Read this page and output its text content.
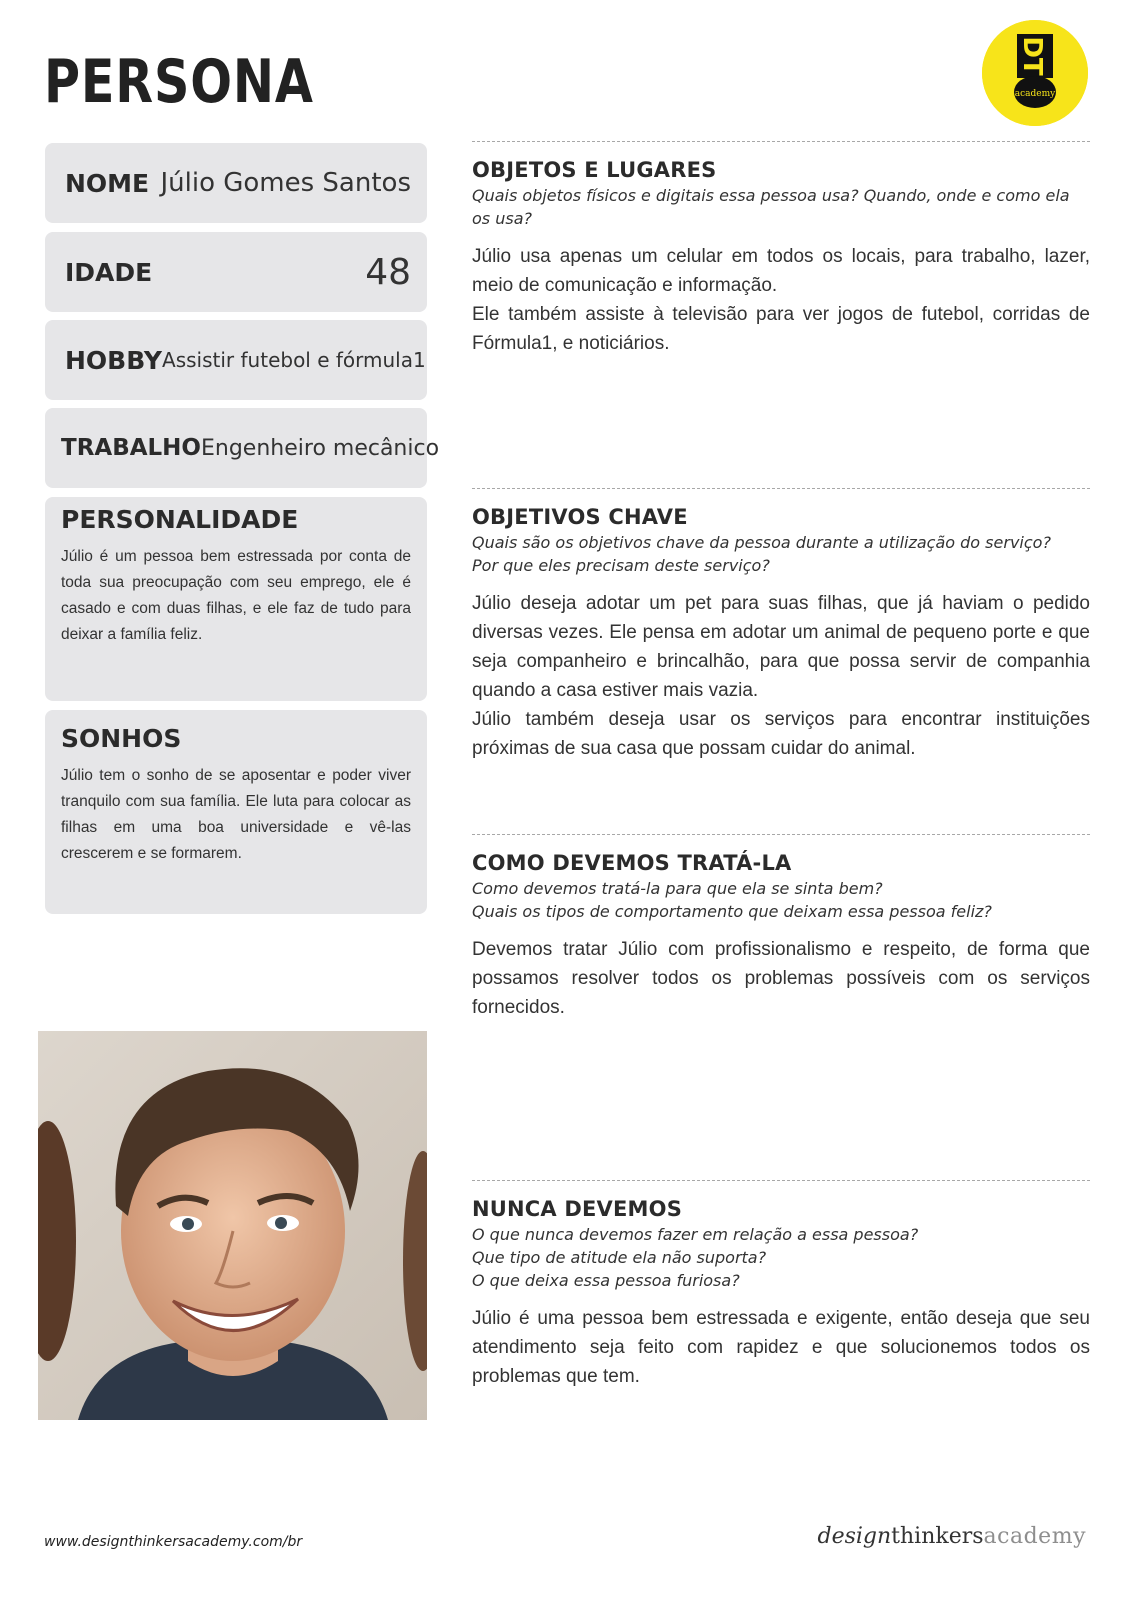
PERSONA	DT
academy
NOME Júlio Gomes Santos
IDADE	48
HOBBY Assistir futebol e fórmula1
TRABALHO Engenheiro mecânico

PERSONALIDADE

Júlio é um pessoa bem estressada por conta de toda sua preocupação com seu emprego, ele é casado e com duas filhas, e ele faz de tudo para deixar a família feliz.

SONHOS

Júlio tem o sonho de se aposentar e poder viver tranquilo com sua família. Ele luta para colocar as filhas em uma boa universidade e vê-las crescerem e se formarem.

OBJETOS E LUGARES

Quais objetos físicos e digitais essa pessoa usa? Quando, onde e como ela os usa?

Júlio usa apenas um celular em todos os locais, para trabalho, lazer, meio de comunicação e informação.

Ele também assiste à televisão para ver jogos de futebol, corridas de Fórmula1, e noticiários.

OBJETIVOS CHAVE

Quais são os objetivos chave da pessoa durante a utilização do serviço?

Por que eles precisam deste serviço?

Júlio deseja adotar um pet para suas filhas, que já haviam o pedido diversas vezes. Ele pensa em adotar um animal de pequeno porte e que seja companheiro e brincalhão, para que possa servir de companhia quando a casa estiver mais vazia.

Júlio também deseja usar os serviços para encontrar instituições próximas de sua casa que possam cuidar do animal.

COMO DEVEMOS TRATÁ-LA

Como devemos tratá-la para que ela se sinta bem?

Quais os tipos de comportamento que deixam essa pessoa feliz?

Devemos tratar Júlio com profissionalismo e respeito, de forma que possamos resolver todos os problemas possíveis com os serviços fornecidos.

NUNCA DEVEMOS

O que nunca devemos fazer em relação a essa pessoa? Que tipo de atitude ela não suporta?

O que deixa essa pessoa furiosa?

Júlio é uma pessoa bem estressada e exigente, então deseja que seu atendimento seja feito com rapidez e que solucionemos todos os problemas que tem.

www.designthinkersacademy.com/br	designthinkersacademy
